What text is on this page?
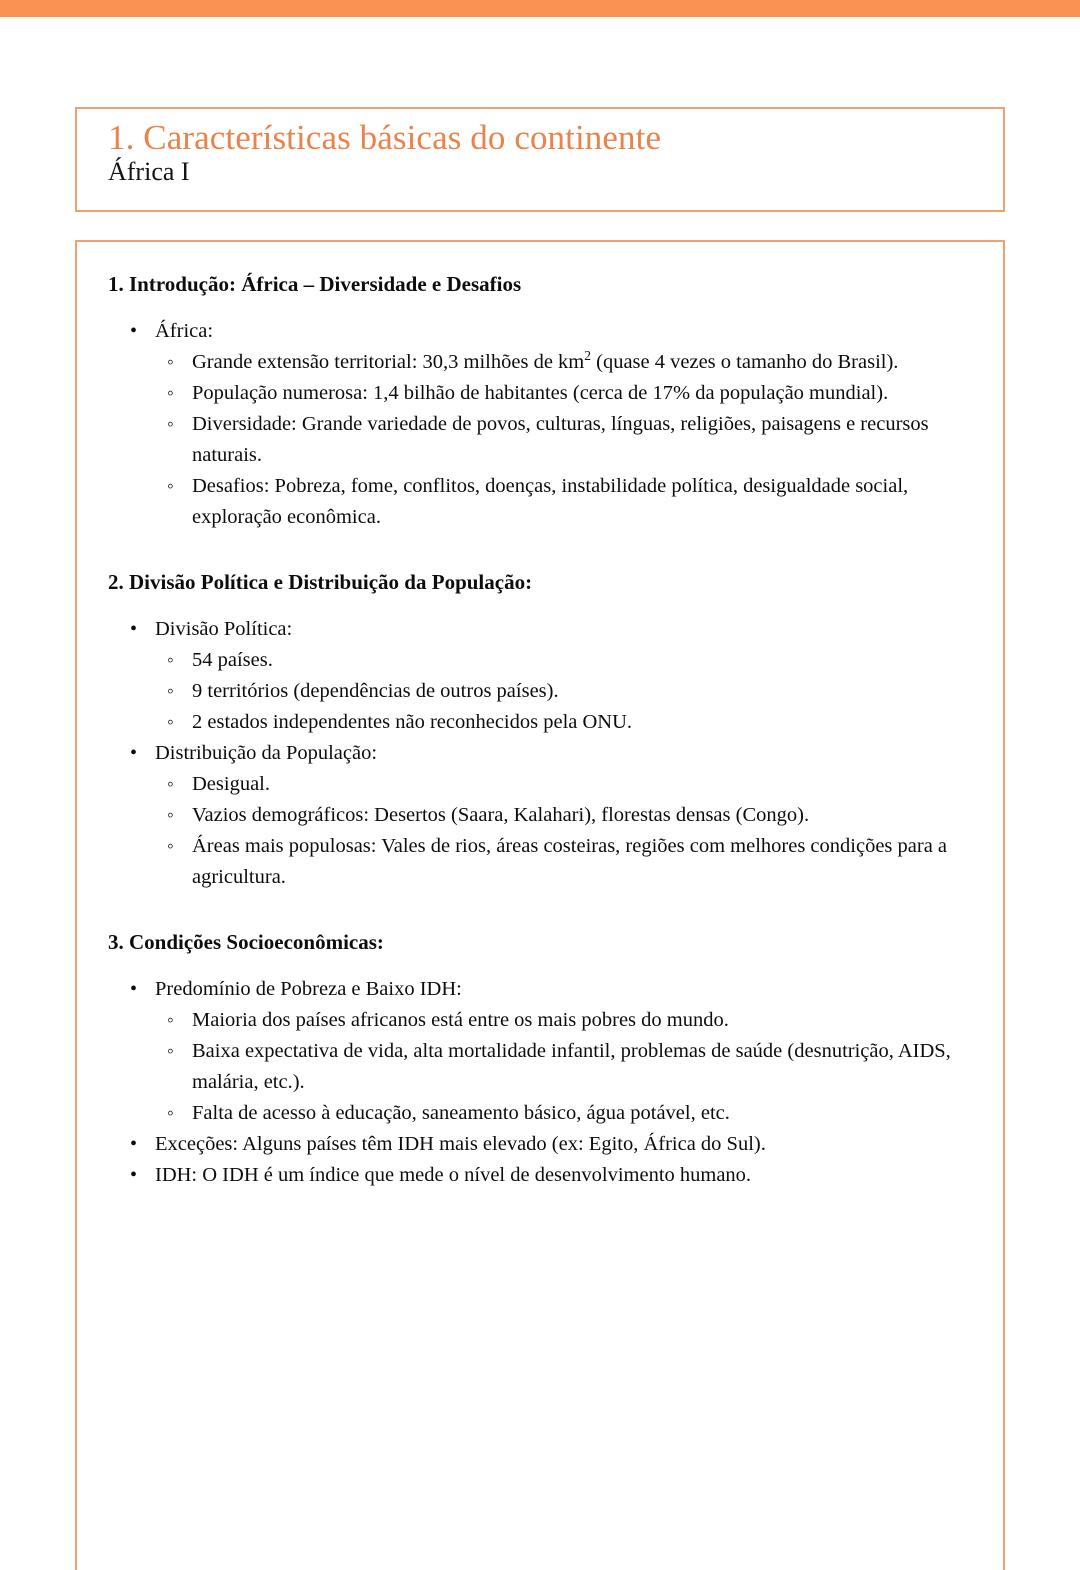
1. Características básicas do continente
África I
1. Introdução: África – Diversidade e Desafios
• África:
◦ Grande extensão territorial: 30,3 milhões de $km^2$ (quase 4 vezes o tamanho do Brasil).
◦ População numerosa: 1,4 bilhão de habitantes (cerca de 17% da população mundial).
◦ Diversidade: Grande variedade de povos, culturas, línguas, religiões, paisagens e recursos naturais.
◦ Desafios: Pobreza, fome, conflitos, doenças, instabilidade política, desigualdade social, exploração econômica.
2. Divisão Política e Distribuição da População:
• Divisão Política:
◦ 54 países.
◦ 9 territórios (dependências de outros países).
◦ 2 estados independentes não reconhecidos pela ONU.
• Distribuição da População:
◦ Desigual.
◦ Vazios demográficos: Desertos (Saara, Kalahari), florestas densas (Congo).
◦ Áreas mais populosas: Vales de rios, áreas costeiras, regiões com melhores condições para a agricultura.
3. Condições Socioeconômicas:
• Predomínio de Pobreza e Baixo IDH:
◦ Maioria dos países africanos está entre os mais pobres do mundo.
◦ Baixa expectativa de vida, alta mortalidade infantil, problemas de saúde (desnutrição, AIDS, malária, etc.).
◦ Falta de acesso à educação, saneamento básico, água potável, etc.
• Exceções: Alguns países têm IDH mais elevado (ex: Egito, África do Sul).
• IDH: O IDH é um índice que mede o nível de desenvolvimento humano.
